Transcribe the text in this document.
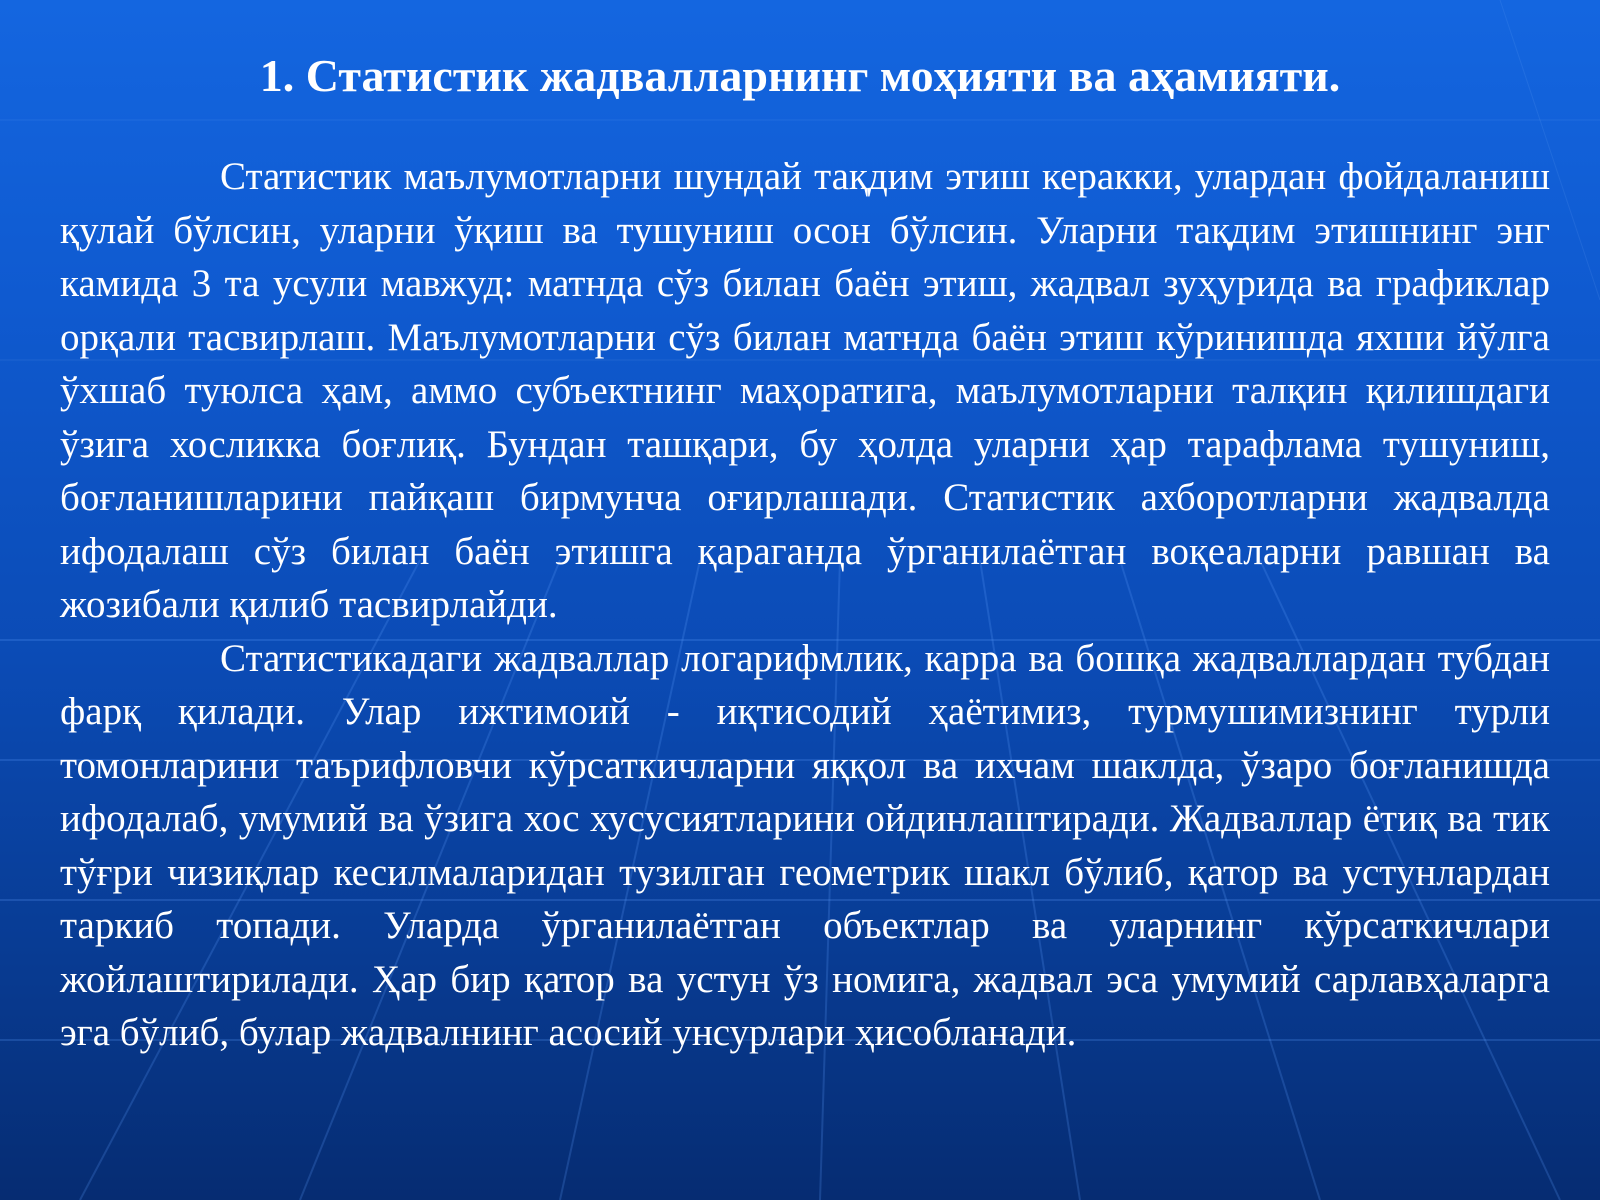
1. Статистик жадвалларнинг моҳияти ва аҳамияти.

Статистик маълумотларни шундай тақдим этиш керакки, улардан фойдаланиш қулай бўлсин, уларни ўқиш ва тушуниш осон бўлсин. Уларни тақдим этишнинг энг камида 3 та усули мавжуд: матнда сўз билан баён этиш, жадвал зуҳурида ва графиклар орқали тасвирлаш. Маълумотларни сўз билан матнда баён этиш кўринишда яхши йўлга ўхшаб туюлса ҳам, аммо субъектнинг маҳоратига, маълумотларни талқин қилишдаги ўзига хосликка боғлиқ. Бундан ташқари, бу ҳолда уларни ҳар тарафлама тушуниш, боғланишларини пайқаш бирмунча оғирлашади. Статистик ахборотларни жадвалда ифодалаш сўз билан баён этишга қараганда ўрганилаётган воқеаларни равшан ва жозибали қилиб тасвирлайди.

Статистикадаги жадваллар логарифмлик, карра ва бошқа жадваллардан тубдан фарқ қилади. Улар ижтимоий - иқтисодий ҳаётимиз, турмушимизнинг турли томонларини таърифловчи кўрсаткичларни яққол ва ихчам шаклда, ўзаро боғланишда ифодалаб, умумий ва ўзига хос хусусиятларини ойдинлаштиради. Жадваллар ётиқ ва тик тўғри чизиқлар кесилмаларидан тузилган геометрик шакл бўлиб, қатор ва устунлардан таркиб топади. Уларда ўрганилаётган объектлар ва уларнинг кўрсаткичлари жойлаштирилади. Ҳар бир қатор ва устун ўз номига, жадвал эса умумий сарлавҳаларга эга бўлиб, булар жадвалнинг асосий унсурлари ҳисобланади.
